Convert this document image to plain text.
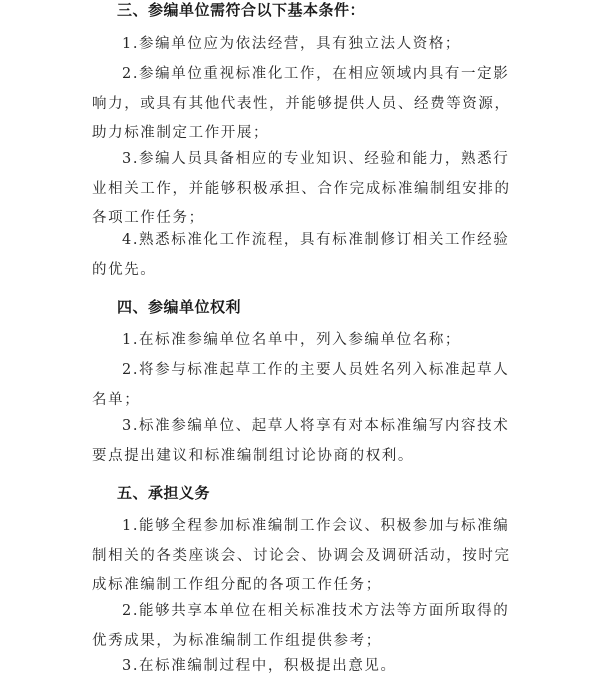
三、参编单位需符合以下基本条件：

1.参编单位应为依法经营，具有独立法人资格；

2.参编单位重视标准化工作，在相应领域内具有一定影
响力，或具有其他代表性，并能够提供人员、经费等资源，
助力标准制定工作开展；

3.参编人员具备相应的专业知识、经验和能力，熟悉行
业相关工作，并能够积极承担、合作完成标准编制组安排的
各项工作任务；

4.熟悉标准化工作流程，具有标准制修订相关工作经验
的优先。

四、参编单位权利

1.在标准参编单位名单中，列入参编单位名称；

2.将参与标准起草工作的主要人员姓名列入标准起草人
名单；

3.标准参编单位、起草人将享有对本标准编写内容技术
要点提出建议和标准编制组讨论协商的权利。

五、承担义务

1.能够全程参加标准编制工作会议、积极参加与标准编
制相关的各类座谈会、讨论会、协调会及调研活动，按时完
成标准编制工作组分配的各项工作任务；

2.能够共享本单位在相关标准技术方法等方面所取得的
优秀成果，为标准编制工作组提供参考；

3.在标准编制过程中，积极提出意见。
